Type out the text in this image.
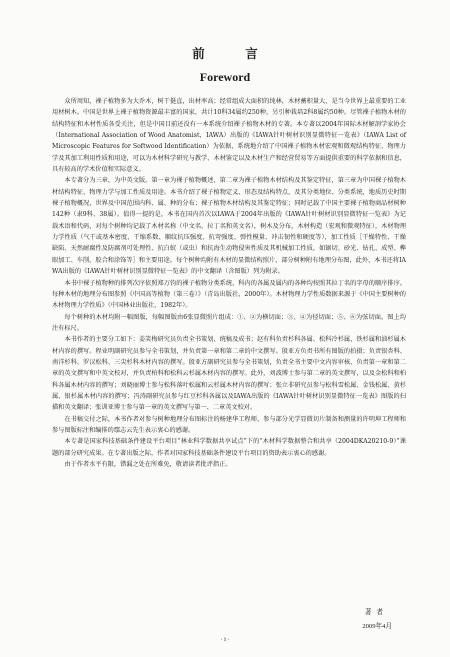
前　言
Foreword

众所周知，裸子植物多为大乔木，树干挺直，出材率高；经常组成大面积的纯林，木材蓄积量大，是当今世界上最重要的工业用材树木。中国是世界上裸子植物资源最丰富的国家，共计10科34属约250种，另引种栽培2科8属约50种。尽管裸子植物木材的结构特征和木材性质各受关注，但是中国目前还没有一本系统介绍裸子植物木材的专著。本专著以2004年国际木材解剖学家协会（International Association of Wood Anatomist，IAWA）出版的《IAWA针叶树材识别显微特征一览表》（IAWA List of Microscopic Features for Softwood Identification）为依据，系统地介绍了中国裸子植物木材宏观和微观结构特征、物理力学及其加工利用性质和用途，可以为木材科学研究与教学、木材鉴定以及木材生产和经营贸易等方面提供重要的科学依据和信息，具有较高的学术价值和实际意义。

本专著分为三章，为中英文版。第一章为裸子植物概述，第二章为裸子植物木材结构及其鉴定特征，第三章为中国裸子植物木材结构特征、物理力学与加工性质及用途。本书介绍了裸子植物定义、形态及结构特点，及其分类地位、分类系统，地质历史时期裸子植物概况，世界及中国范围内科、属、种的分布；裸子植物木材结构及其鉴定特征；同时记载了中国主要裸子植物商品材树种142种（隶9科、38属）。值得一提的是，本书在国内首次以IAWA于2004年出版的《IAWA针叶树材识别显微特征一览表》为记载术语和代码，对每个树种均记载了木材名称（中文名、拉丁名和英文名），树木及分布，木材构造（宏观和微观特征），木材物理力学性质（气干或基本密度、干缩系数、顺纹抗压强度、抗弯强度、弹性模量、冲击韧性和硬度等），加工性质［干燥特性、干燥缺陷、天然耐腐性及防腐剂可处理性、抗白蚁（或虫）和抗海生动物侵害性质及其机械加工性质，如锯切、砂光、钻孔、成型、榫眼加工、车削、胶合和涂饰等］和主要用途。每个树种均附有木材的显微结构照片，部分树种附有地理分布图，此外，本书还将IAWA出版的《IAWA针叶树材识别显微特征一览表》的中文翻译（含图版）列为附录。

本书中裸子植物种的排列次序依照郑万钧的裸子植物分类系统，科内的各属及属内的各种均按照其拉丁名的字母的顺序排序。每种木材的地理分布图参照《中国高等植物（第三卷）》（青岛出版社，2000年）。木材物理力学性质数据来源于《中国主要树种的木材物理力学性质》（中国林业出版社，1982年）。

每个树种的木材均附一幅图版，每幅图版由6张显微照片组成：①、②为横切面；③、④为径切面；⑤、⑥为弦切面。图上均注有标尺。

本书作者的主要分工如下：姜笑梅研究员负责全书策划、统稿及成书；赵有科负责杉科各属、松科冷杉属、铁杉属和油杉属木材内容的撰写。程业明副研究员参与全书策划，并负责第一章和第二章的中文撰写。殷亚方负责书所有图版的拍摄；负责银杏科、南洋杉科、罗汉松科、三尖杉科木材内容的撰写。殷亚方副研究员参与全书策划，负责全书主要中文内容审核，负责第一章和第二章的英文撰写和中英文校对，并负责柏科和松科云杉属木材内容的撰写。此外，刘波博士参与第二章的英文撰写，以及金松科和柏科各属木材内容的撰写；刘晓丽博士参与松科落叶松属和云杉属木材内容的撰写；张立非研究员参与松科雪松属、金钱松属、黄杉属、银杉属木材内容的撰写；冯涛副研究员参与红豆杉科各属以及IAWA出版的《IAWA针叶树材识别显微特征一览表》图版的扫描和英文翻译；张训亚博士参与第一章的英文撰写与第一、二章英文校对。

在书稿交付之际，本书作者对参与树种地理分布图标注的杨建华工程师、参与部分光学显微切片制备和测量的许明坤工程师和参与图版标注和编排的鄢志云先生表示衷心的感谢。

本专著是国家科技基础条件建设平台项目“林业科学数据共享试点”下的“木材科学数据整合和共享（2004DKA20210-9）”课题的部分研究成果。在专著出版之际，作者对国家科技基础条件建设平台项目的资助表示衷心的感谢。

由于作者水平有限，错漏之处在所难免，敬请读者批评指正。

著者
2009年4月
· i ·
